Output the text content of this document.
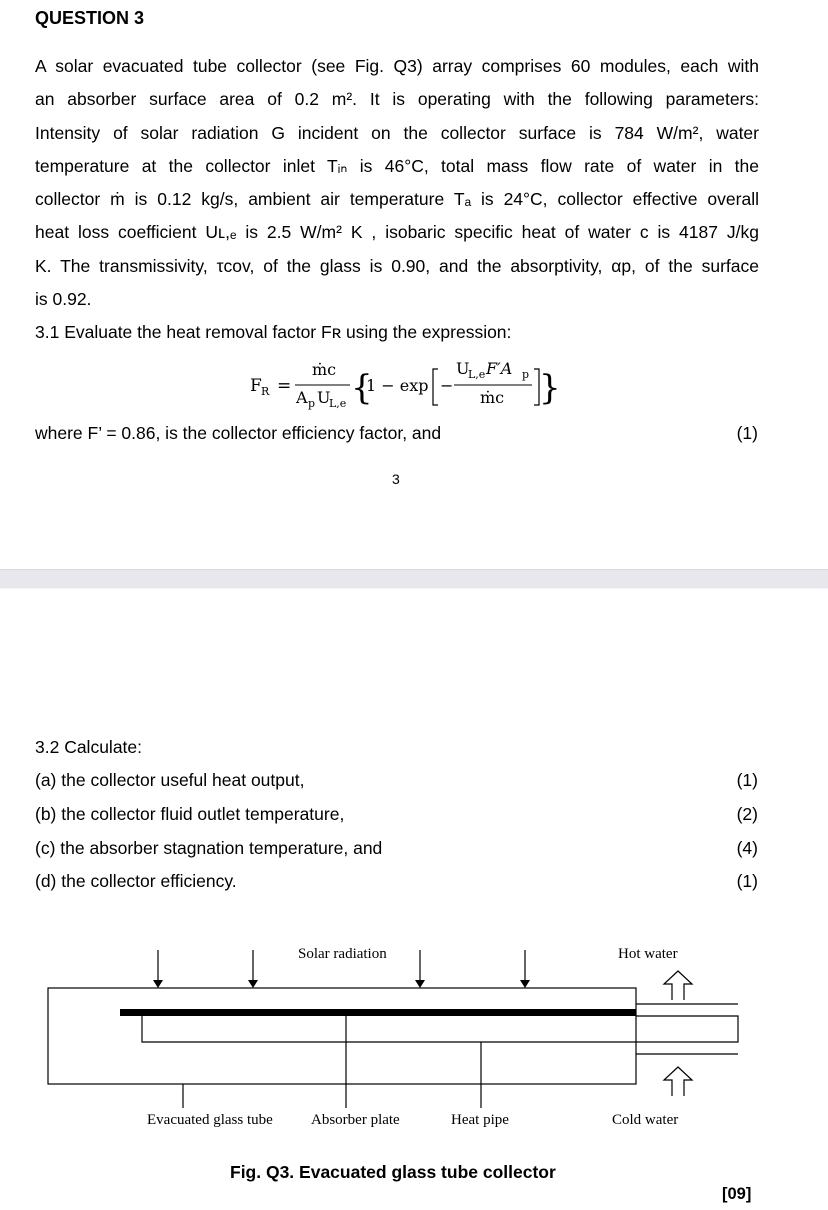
QUESTION 3
A solar evacuated tube collector (see Fig. Q3) array comprises 60 modules, each with
an absorber surface area of 0.2 m². It is operating with the following parameters:
Intensity of solar radiation G incident on the collector surface is 784 W/m², water
temperature at the collector inlet Tᵢₙ is 46°C, total mass flow rate of water in the
collector ṁ is 0.12 kg/s, ambient air temperature Tₐ is 24°C, collector effective overall
heat loss coefficient Uʟ,ₑ is 2.5 W/m² K , isobaric specific heat of water c is 4187 J/kg
K. The transmissivity, τcov, of the glass is 0.90, and the absorptivity, αp, of the surface
is 0.92.
3.1 Evaluate the heat removal factor Fʀ using the expression:
F R =
ṁc
A p U
L,e {
1 − exp −
U
L,e F′A p
ṁc }
where F’ = 0.86, is the collector efficiency factor, and	(1)
3
3.2 Calculate:
(a) the collector useful heat output,	(1)
(b) the collector fluid outlet temperature,	(2)
(c) the absorber stagnation temperature, and	(4)
(d) the collector efficiency.	(1)
Solar radiation	Hot water
Evacuated glass tube	Absorber plate	Heat pipe	Cold water
Fig. Q3. Evacuated glass tube collector
[09]
